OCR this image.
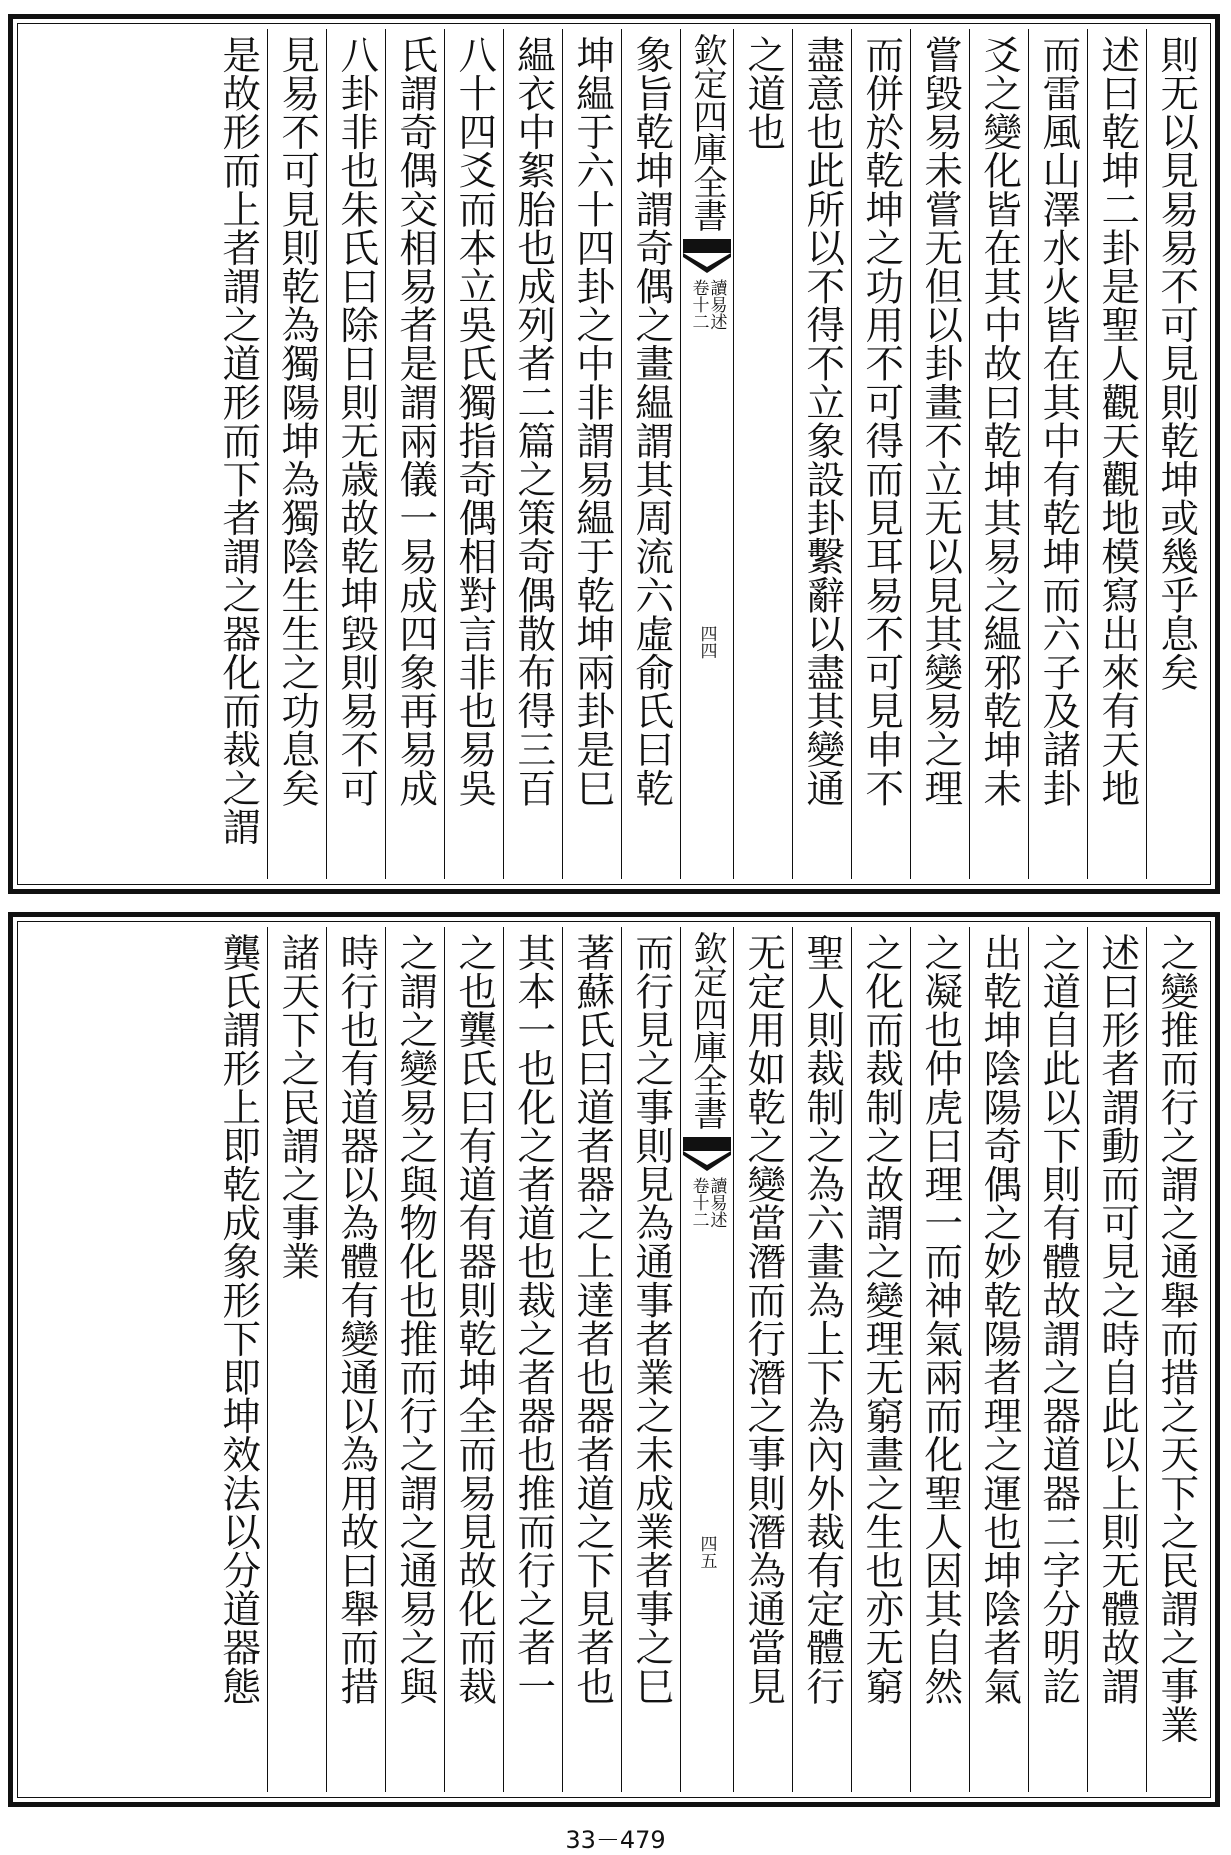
則无以見易易不可見則乾坤或幾乎息矣
述曰乾坤二卦是聖人觀天觀地模寫出來有天地
而雷風山澤水火皆在其中有乾坤而六子及諸卦
爻之變化皆在其中故曰乾坤其易之緼邪乾坤未
嘗毀易未嘗无但以卦畫不立无以見其變易之理
而併於乾坤之功用不可得而見耳易不可見申不
盡意也此所以不得不立象設卦繫辭以盡其變通
之道也
欽定四庫全書
讀易述
卷十二
四四
象旨乾坤謂奇偶之畫緼謂其周流六虛俞氏曰乾
坤緼于六十四卦之中非謂易緼于乾坤兩卦是巳
緼衣中絮胎也成列者二篇之策奇偶散布得三百
八十四爻而本立吳氏獨指奇偶相對言非也易吳
氏謂奇偶交相易者是謂兩儀一易成四象再易成
八卦非也朱氏曰除日則无歳故乾坤毀則易不可
見易不可見則乾為獨陽坤為獨陰生生之功息矣
是故形而上者謂之道形而下者謂之器化而裁之謂
之變推而行之謂之通舉而措之天下之民謂之事業
述曰形者謂動而可見之時自此以上則无體故謂
之道自此以下則有體故謂之器道器二字分明訖
出乾坤陰陽奇偶之妙乾陽者理之運也坤陰者氣
之凝也仲虎曰理一而神氣兩而化聖人因其自然
之化而裁制之故謂之變理无窮畫之生也亦无窮
聖人則裁制之為六畫為上下為內外裁有定體行
无定用如乾之變當潛而行潛之事則潛為通當見
欽定四庫全書
讀易述
卷十二
四五
而行見之事則見為通事者業之未成業者事之巳
著蘇氏曰道者器之上達者也器者道之下見者也
其本一也化之者道也裁之者器也推而行之者一
之也龔氏曰有道有器則乾坤全而易見故化而裁
之謂之變易之與物化也推而行之謂之通易之與
時行也有道器以為體有變通以為用故曰舉而措
諸天下之民謂之事業
龔氏謂形上即乾成象形下即坤效法以分道器態
33－479
